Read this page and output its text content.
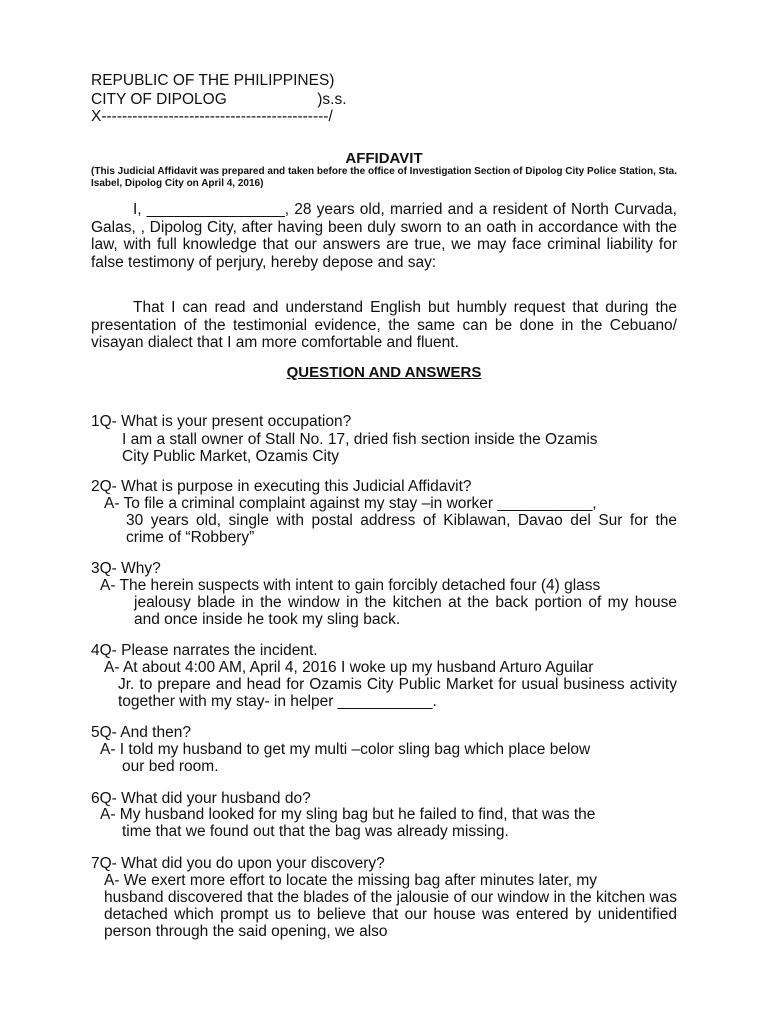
REPUBLIC OF THE PHILIPPINES)
CITY OF DIPOLOG                     )s.s.
X--------------------------------------------/
AFFIDAVIT
(This Judicial Affidavit was prepared and taken before the office of Investigation Section of Dipolog City Police Station, Sta. Isabel, Dipolog City on April 4, 2016)
I, ________________, 28 years old, married and a resident of North Curvada, Galas, , Dipolog City, after having been duly sworn to an oath in accordance with the law, with full knowledge that our answers are true, we may face criminal liability for false testimony of perjury, hereby depose and say:
That I can read and understand English but humbly request that during the presentation of the testimonial evidence, the same can be done in the Cebuano/ visayan dialect that I am more comfortable and fluent.
QUESTION AND ANSWERS
1Q- What is your present occupation?
I am a stall owner of Stall No. 17, dried fish section inside the Ozamis
City Public Market, Ozamis City
2Q- What is purpose in executing this Judicial Affidavit?
A- To file a criminal complaint against my stay –in worker ___________,
30 years old, single with postal address of Kiblawan, Davao del Sur for the crime of “Robbery”
3Q- Why?
A- The herein suspects with intent to gain forcibly detached four (4) glass
jealousy blade in the window in the kitchen at the back portion of my house and once inside he took my sling back.
4Q- Please narrates the incident.
A- At about 4:00 AM, April 4, 2016 I woke up my husband Arturo Aguilar
Jr. to prepare and head for Ozamis City Public Market for usual business activity together with my stay- in helper ___________.
5Q- And then?
A- I told my husband to get my multi –color sling bag which place below
our bed room.
6Q- What did your husband do?
A- My husband looked for my sling bag but he failed to find, that was the
time that we found out that the bag was already missing.
7Q- What did you do upon your discovery?
A- We exert more effort to locate the missing bag after minutes later, my
husband discovered that the blades of the jalousie of our window in the kitchen was detached which prompt us to believe that our house was entered by unidentified person through the said opening, we also
